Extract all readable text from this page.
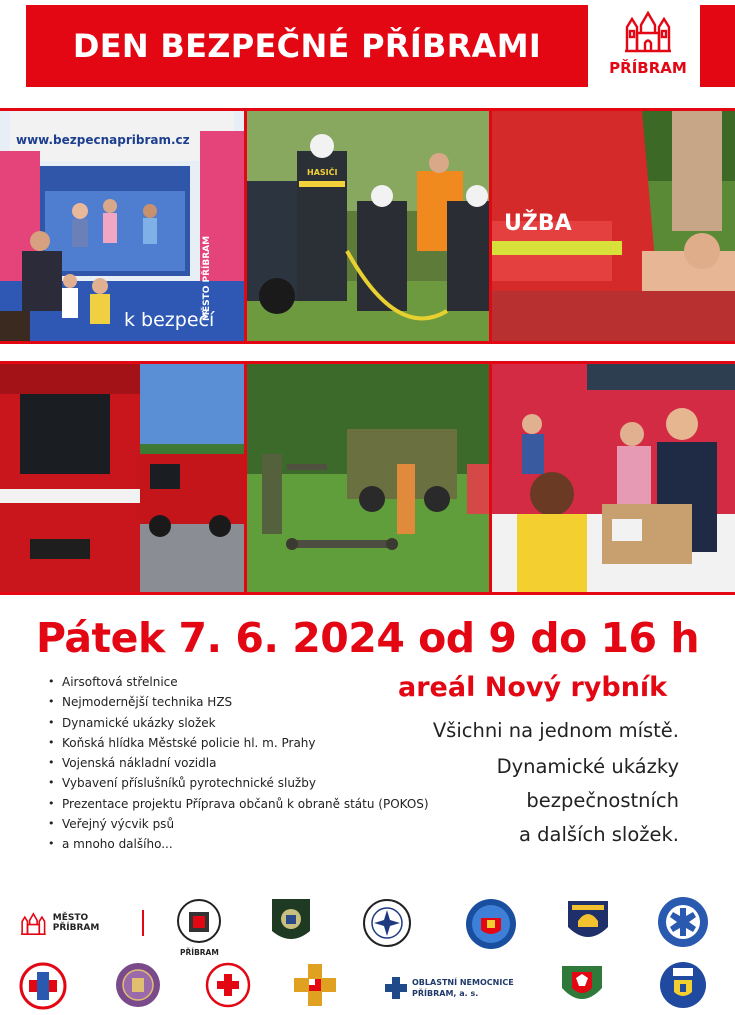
DEN BEZPEČNÉ PŘÍBRAMI
PŘÍBRAM
www.bezpecnapribram.cz
MĚSTO PŘÍBRAM
k bezpečí
HASIČI
UŽBA
Pátek 7. 6. 2024 od 9 do 16 h
areál Nový rybník
• Airsoftová střelnice
• Nejmodernější technika HZS
• Dynamické ukázky složek
• Koňská hlídka Městské policie hl. m. Prahy
• Vojenská nákladní vozidla
• Vybavení příslušníků pyrotechnické služby
• Prezentace projektu Příprava občanů k obraně státu (POKOS)
• Veřejný výcvik psů
• a mnoho dalšího...
Všichni na jednom místě.
Dynamické ukázky
bezpečnostních
a dalších složek.
MĚSTO PŘÍBRAM
PŘÍBRAM
OBLASTNÍ NEMOCNICE
PŘÍBRAM, a. s.
